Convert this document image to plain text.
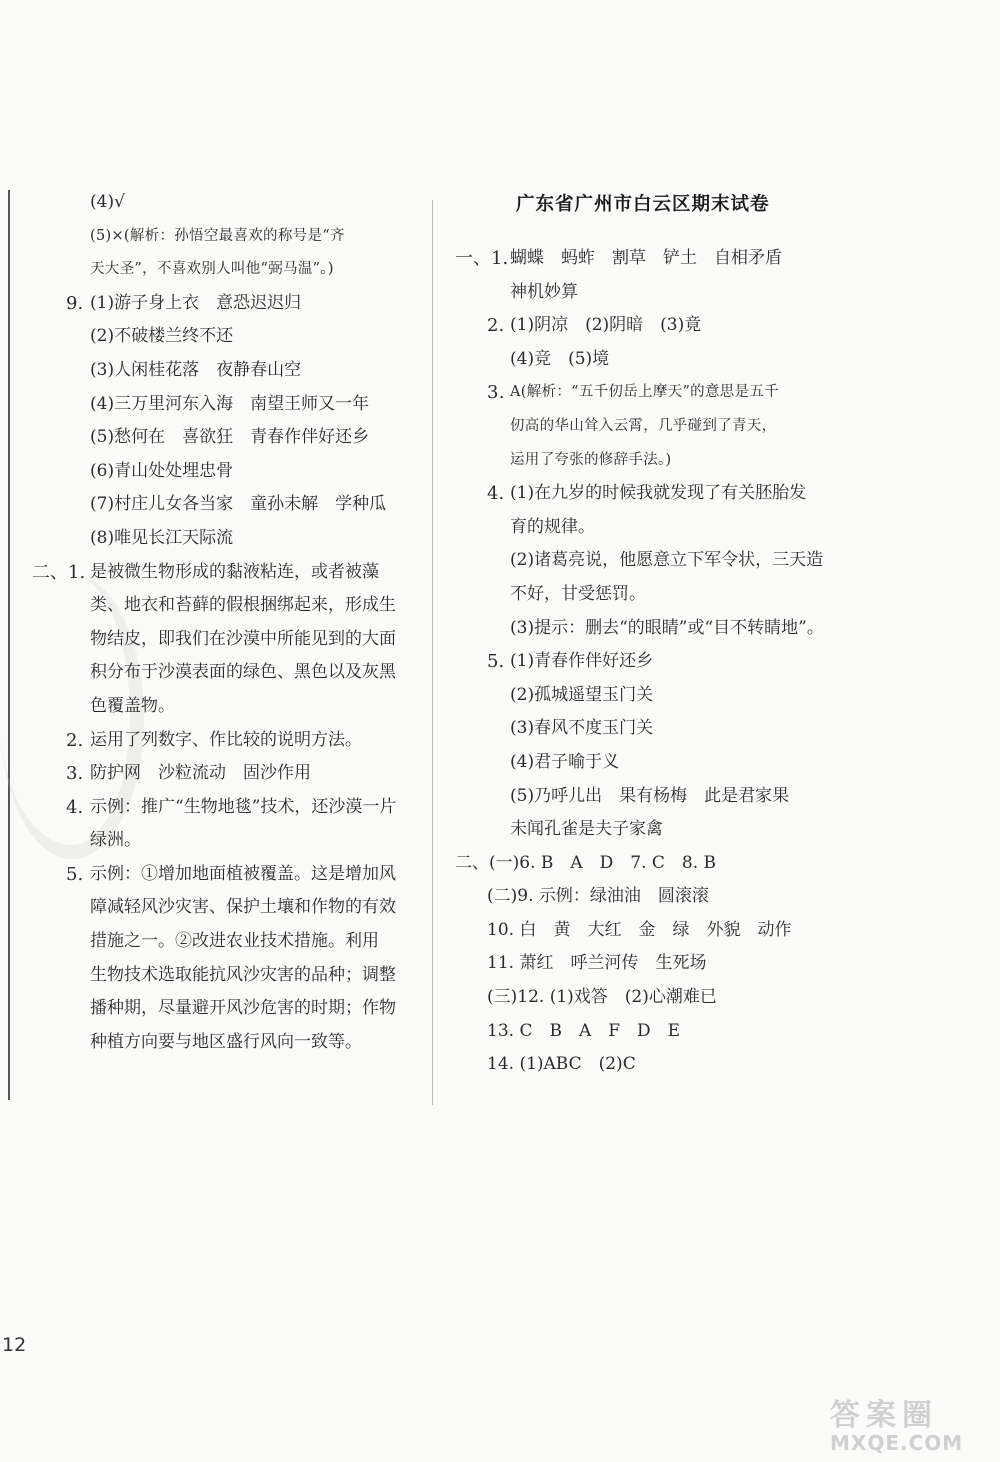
广东省广州市白云区期末试卷
(4)√
(5)×(解析：孙悟空最喜欢的称号是“齐
天大圣”，不喜欢别人叫他“弼马温”。)
9. (1)游子身上衣　意恐迟迟归
(2)不破楼兰终不还
(3)人闲桂花落　夜静春山空
(4)三万里河东入海　南望王师又一年
(5)愁何在　喜欲狂　青春作伴好还乡
(6)青山处处埋忠骨
(7)村庄儿女各当家　童孙未解　学种瓜
(8)唯见长江天际流
二、1. 是被微生物形成的黏液粘连，或者被藻
类、地衣和苔藓的假根捆绑起来，形成生
物结皮，即我们在沙漠中所能见到的大面
积分布于沙漠表面的绿色、黑色以及灰黑
色覆盖物。
2. 运用了列数字、作比较的说明方法。
3. 防护网　沙粒流动　固沙作用
4. 示例：推广“生物地毯”技术，还沙漠一片
绿洲。
5. 示例：①增加地面植被覆盖。这是增加风
障减轻风沙灾害、保护土壤和作物的有效
措施之一。②改进农业技术措施。利用
生物技术选取能抗风沙灾害的品种；调整
播种期，尽量避开风沙危害的时期；作物
种植方向要与地区盛行风向一致等。
一、1. 蝴蝶　蚂蚱　割草　铲土　自相矛盾
神机妙算
2. (1)阴凉　(2)阴暗　(3)竟
(4)竞　(5)境
3. A(解析：“五千仞岳上摩天”的意思是五千
仞高的华山耸入云霄，几乎碰到了青天，
运用了夸张的修辞手法。)
4. (1)在九岁的时候我就发现了有关胚胎发
育的规律。
(2)诸葛亮说，他愿意立下军令状，三天造
不好，甘受惩罚。
(3)提示：删去“的眼睛”或“目不转睛地”。
5. (1)青春作伴好还乡
(2)孤城遥望玉门关
(3)春风不度玉门关
(4)君子喻于义
(5)乃呼儿出　果有杨梅　此是君家果
未闻孔雀是夫子家禽
二、(一)6. B　A　D　7. C　8. B
(二)9. 示例：绿油油　圆滚滚
10. 白　黄　大红　金　绿　外貌　动作
11. 萧红　呼兰河传　生死场
(三)12. (1)戏答　(2)心潮难已
13. C　B　A　F　D　E
14. (1)ABC　(2)C
12
答案圈
MXQE.COM
